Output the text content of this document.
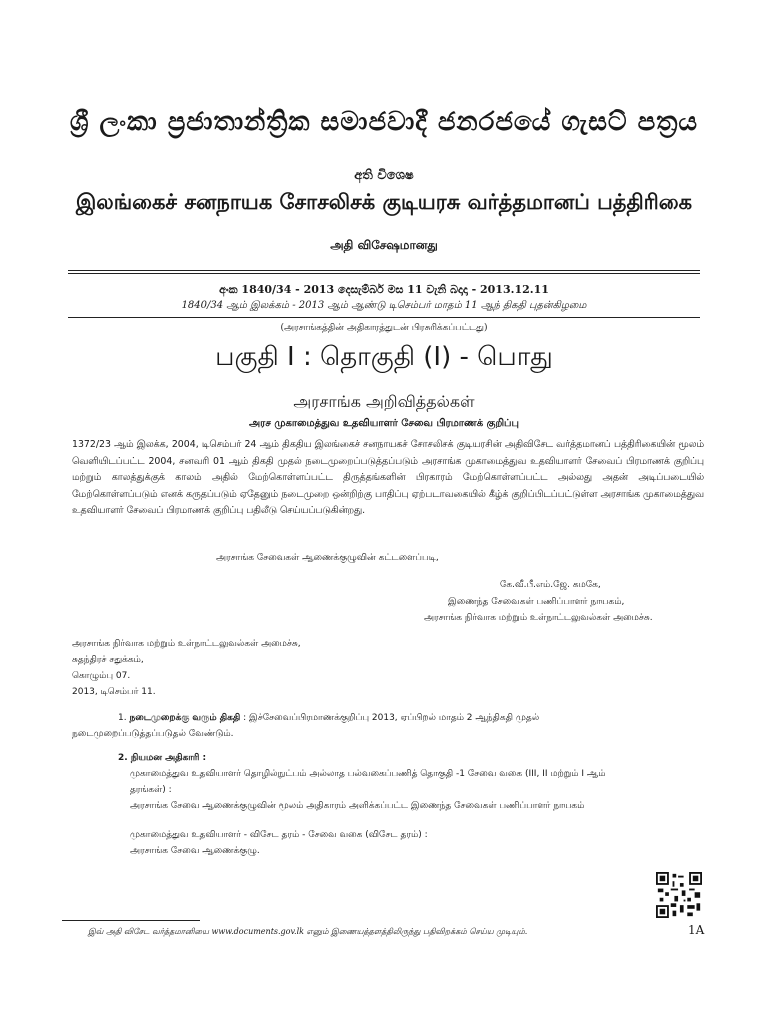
ශ්‍රී ලංකා ප්‍රජාතාන්ත්‍රික සමාජවාදී ජනරජයේ ගැසට් පත්‍රය
අති විශෙෂ
இலங்கைச் சனநாயக சோசலிசக் குடியரசு வர்த்தமானப் பத்திரிகை
அதி விசேஷமானது
අංක 1840/34 - 2013 දෙසැම්බර් මස 11 වැනි බදාදා - 2013.12.11
1840/34 ஆம் இலக்கம் - 2013 ஆம் ஆண்டு டிசெம்பர் மாதம் 11 ஆந் திகதி புதன்கிழமை
(அரசாங்கத்தின் அதிகாரத்துடன் பிரசுரிக்கப்பட்டது)
பகுதி I : தொகுதி (I) - பொது
அரசாங்க அறிவித்தல்கள்
அரச முகாமைத்துவ உதவியாளர் சேவை பிரமாணக் குறிப்பு
1372/23 ஆம் இலக்க, 2004, டிசெம்பர் 24 ஆம் திகதிய இலங்கைச் சனநாயகச் சோசலிசக் குடியரசின் அதிவிசேட வர்த்தமானப் பத்திரிகையின் மூலம் வெளியிடப்பட்ட 2004, சனவரி 01 ஆம் திகதி முதல் நடைமுறைப்படுத்தப்படும் அரசாங்க முகாமைத்துவ உதவியாளர் சேவைப் பிரமாணக் குறிப்பு மற்றும் காலத்துக்குக் காலம் அதில் மேற்கொள்ளப்பட்ட திருத்தங்களின் பிரகாரம் மேற்கொள்ளப்பட்ட அல்லது அதன் அடிப்படையில் மேற்கொள்ளப்படும் எனக் கருதப்படும் ஏதேனும் நடைமுறை ஒன்றிற்கு பாதிப்பு ஏற்படாவகையில் கீழ்க் குறிப்பிடப்பட்டுள்ள அரசாங்க முகாமைத்துவ உதவியாளர் சேவைப் பிரமாணக் குறிப்பு பதிலீடு செய்யப்படுகின்றது.
அரசாங்க சேவைகள் ஆணைக்குழுவின் கட்டளைப்படி,
கே.வீ.பீ.எம்.ஜே. கமகே,
இணைந்த சேவைகள் பணிப்பாளர் நாயகம்,
அரசாங்க நிர்வாக மற்றும் உள்நாட்டலுவல்கள் அமைச்சு.
அரசாங்க நிர்வாக மற்றும் உள்நாட்டலுவல்கள் அமைச்சு,
சுதந்திரச் சதுக்கம்,
கொழும்பு 07.
2013, டிசெம்பர் 11.
1. நடைமுறைக்கு வரும் திகதி : இச்சேவைப்பிரமாணக்குறிப்பு 2013, ஏப்பிறல் மாதம் 2 ஆந்திகதி முதல்
நடைமுறைப்படுத்தப்படுதல் வேண்டும்.
2. நியமன அதிகாரி :
முகாமைத்துவ உதவியாளர் தொழில்நுட்பம் அல்லாத பல்வகைப்பணித் தொகுதி -1 சேவை வகை (III, II மற்றும் I ஆம்
தரங்கள்) :
அரசாங்க சேவை ஆணைக்குழுவின் மூலம் அதிகாரம் அளிக்கப்பட்ட இணைந்த சேவைகள் பணிப்பாளர் நாயகம்
முகாமைத்துவ உதவியாளர் - விசேட தரம் - சேவை வகை (விசேட தரம்) :
அரசாங்க சேவை ஆணைக்குழு.
இவ் அதி விசேட வர்த்தமானியை www.documents.gov.lk எனும் இணையத்தளத்திலிருந்து பதிவிறக்கம் செய்ய முடியும்.	1A
